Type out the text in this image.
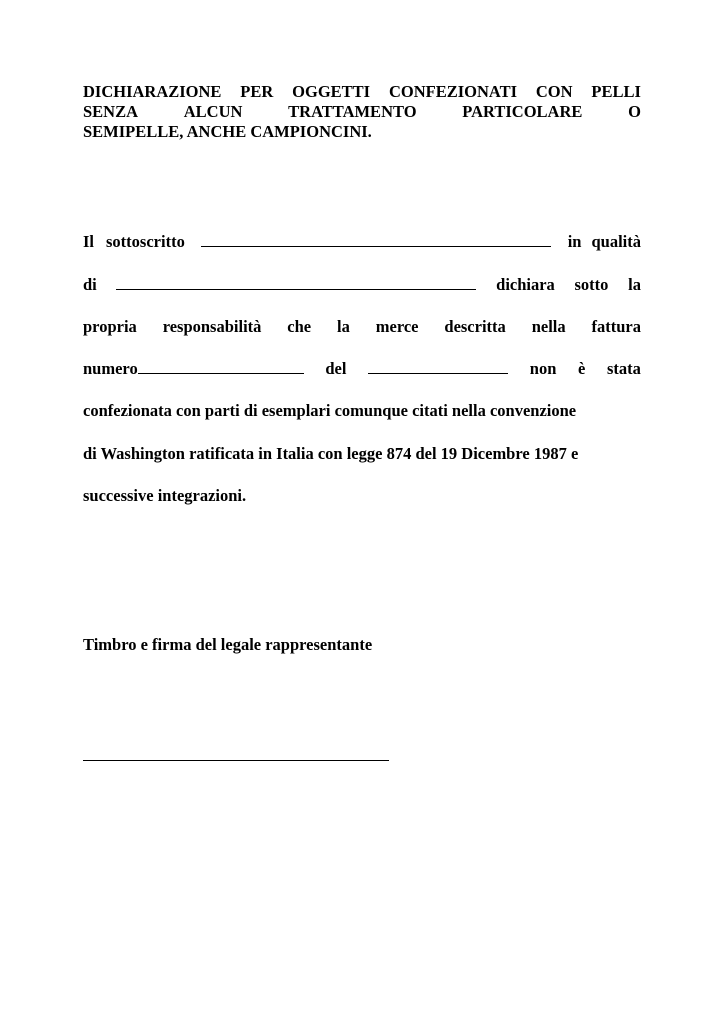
DICHIARAZIONE PER OGGETTI CONFEZIONATI CON PELLI
SENZA	ALCUN	TRATTAMENTO	PARTICOLARE	O
SEMIPELLE, ANCHE CAMPIONCINI.
Il sottoscritto	in qualità
di	dichiara sotto la
propria responsabilità che la merce descritta nella fattura
numero	del	non è stata
confezionata con parti di esemplari comunque citati nella convenzione
di Washington ratificata in Italia con legge 874 del 19 Dicembre 1987 e
successive integrazioni.
Timbro e firma del legale rappresentante
